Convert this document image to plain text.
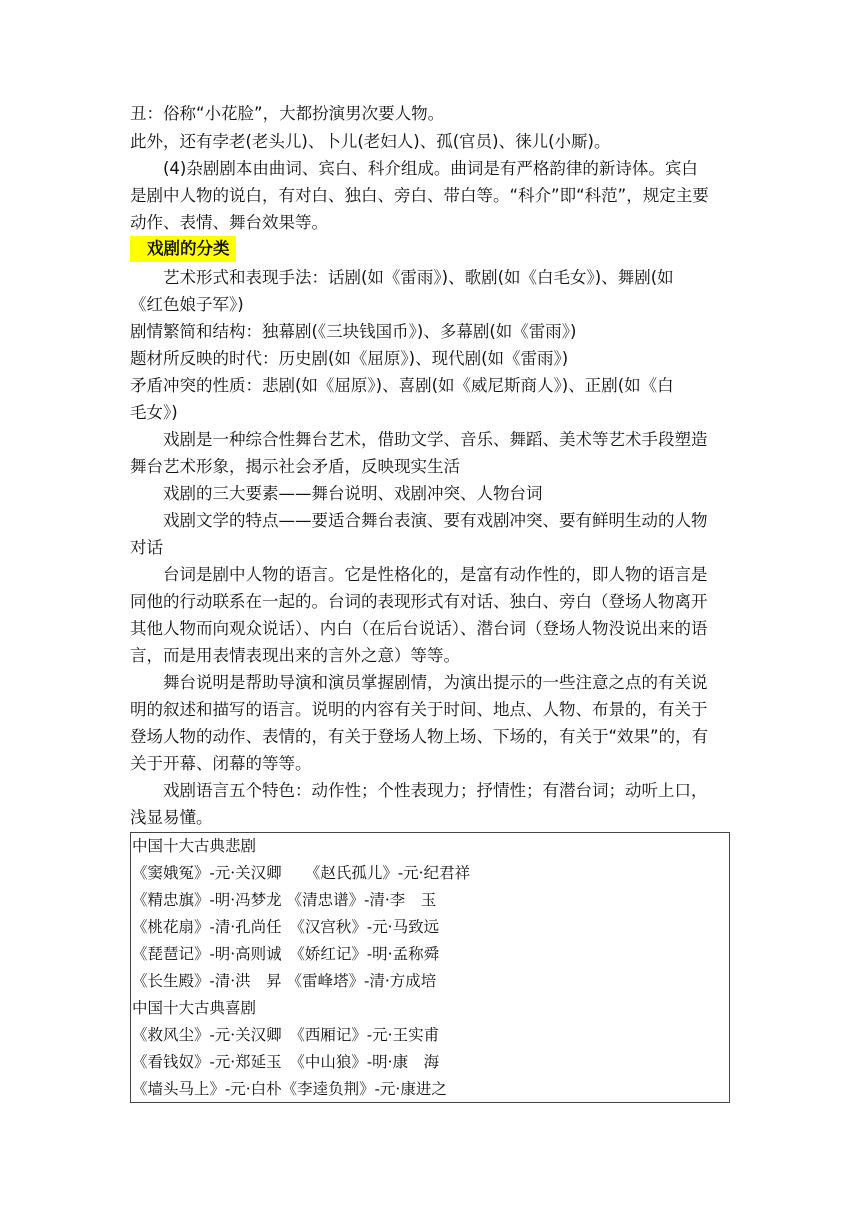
丑：俗称“小花脸”，大都扮演男次要人物。

此外，还有孛老(老头儿)、卜儿(老妇人)、孤(官员)、徕儿(小厮)。

(4)杂剧剧本由曲词、宾白、科介组成。曲词是有严格韵律的新诗体。宾白

是剧中人物的说白，有对白、独白、旁白、带白等。“科介”即“科范”，规定主要

动作、表情、舞台效果等。

戏剧的分类

艺术形式和表现手法：话剧(如《雷雨》)、歌剧(如《白毛女》)、舞剧(如

《红色娘子军》)

剧情繁简和结构：独幕剧(《三块钱国币》)、多幕剧(如《雷雨》)

题材所反映的时代：历史剧(如《屈原》)、现代剧(如《雷雨》)

矛盾冲突的性质：悲剧(如《屈原》)、喜剧(如《威尼斯商人》)、正剧(如《白

毛女》)

戏剧是一种综合性舞台艺术，借助文学、音乐、舞蹈、美术等艺术手段塑造

舞台艺术形象，揭示社会矛盾，反映现实生活

戏剧的三大要素——舞台说明、戏剧冲突、人物台词

戏剧文学的特点——要适合舞台表演、要有戏剧冲突、要有鲜明生动的人物

对话

台词是剧中人物的语言。它是性格化的，是富有动作性的，即人物的语言是

同他的行动联系在一起的。台词的表现形式有对话、独白、旁白（登场人物离开

其他人物而向观众说话）、内白（在后台说话）、潜台词（登场人物没说出来的语

言，而是用表情表现出来的言外之意）等等。

舞台说明是帮助导演和演员掌握剧情，为演出提示的一些注意之点的有关说

明的叙述和描写的语言。说明的内容有关于时间、地点、人物、布景的，有关于

登场人物的动作、表情的，有关于登场人物上场、下场的，有关于“效果”的，有

关于开幕、闭幕的等等。

戏剧语言五个特色：动作性；个性表现力；抒情性；有潜台词；动听上口，

浅显易懂。

中国十大古典悲剧
《窦娥冤》-元·关汉卿　　《赵氏孤儿》-元·纪君祥
《精忠旗》-明·冯梦龙 《清忠谱》-清·李　玉
《桃花扇》-清·孔尚任　《汉宫秋》-元·马致远
《琵琶记》-明·高则诚　《娇红记》-明·孟称舜
《长生殿》-清·洪　昇 《雷峰塔》-清·方成培
中国十大古典喜剧
《救风尘》-元·关汉卿　《西厢记》-元·王实甫
《看钱奴》-元·郑延玉　《中山狼》-明·康　海
《墙头马上》-元·白朴《李逵负荆》-元·康进之
